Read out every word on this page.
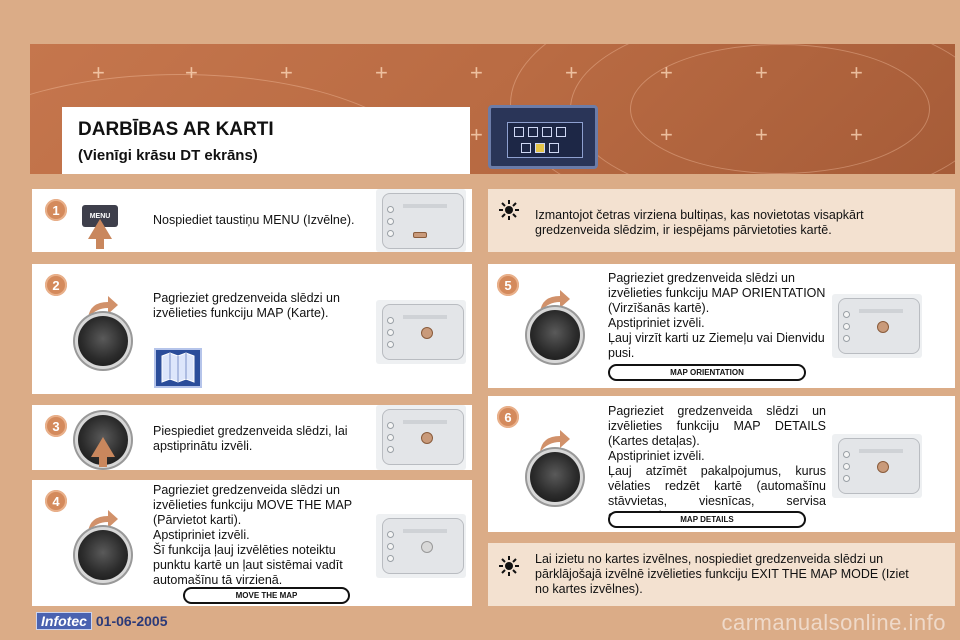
+	+	+	+	+	+	+	+	+
+	+	+	+
DARBĪBAS AR KARTI
(Vienīgi krāsu DT ekrāns)
1	MENU	Nospiediet taustiņu MENU (Izvēlne).
2
Pagrieziet gredzenveida slēdzi un
izvēlieties funkciju MAP (Karte).
3	Piespiediet gredzenveida slēdzi, lai
apstiprinātu izvēli.
4
Pagrieziet gredzenveida slēdzi un
izvēlieties funkciju MOVE THE MAP
(Pārvietot karti).
Apstipriniet izvēli.
Šī funkcija ļauj izvēlēties noteiktu
punktu kartē un ļaut sistēmai vadīt
automašīnu tā virzienā.
MOVE THE MAP
Izmantojot četras virziena bultiņas, kas novietotas visapkārt
gredzenveida slēdzim, ir iespējams pārvietoties kartē.
5	Pagrieziet gredzenveida slēdzi un
izvēlieties funkciju MAP ORIENTATION
(Virzīšanās kartē).
Apstipriniet izvēli.
Ļauj virzīt karti uz Ziemeļu vai Dienvidu
pusi.
MAP ORIENTATION
6	Pagrieziet gredzenveida slēdzi un
izvēlieties funkciju MAP DETAILS
(Kartes detaļas).
Apstipriniet izvēli.
Ļauj atzīmēt pakalpojumus, kurus
vēlaties redzēt kartē (automašīnu
stāvvietas, viesnīcas, servisa
MAP DETAILS
Lai izietu no kartes izvēlnes, nospiediet gredzenveida slēdzi un
pārklājošajā izvēlnē izvēlieties funkciju EXIT THE MAP MODE (Iziet
no kartes izvēlnes).
Infotec 01-06-2005	carmanualsonline.info
